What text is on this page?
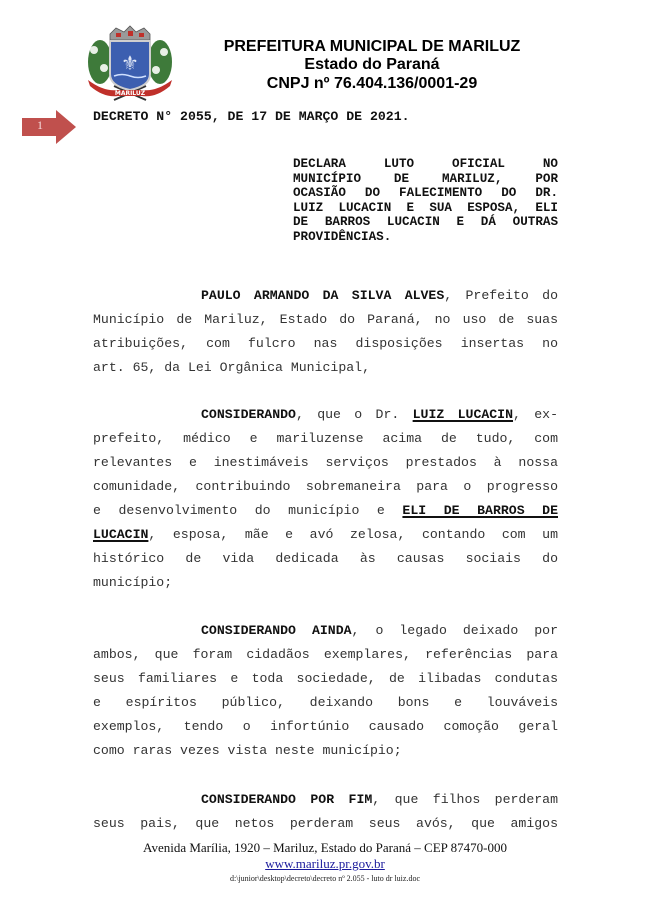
⚜
MARILUZ
PREFEITURA MUNICIPAL DE MARILUZ
Estado do Paraná
CNPJ nº 76.404.136/0001-29
1
DECRETO N° 2055, DE 17 DE MARÇO DE 2021.
DECLARA LUTO OFICIAL NO
MUNICÍPIO DE MARILUZ, POR
OCASIÃO DO FALECIMENTO DO DR.
LUIZ LUCACIN E SUA ESPOSA, ELI
DE BARROS LUCACIN E DÁ OUTRAS
PROVIDÊNCIAS.
PAULO ARMANDO DA SILVA ALVES, Prefeito do
Município de Mariluz, Estado do Paraná, no uso de suas
atribuições, com fulcro nas disposições insertas no
art. 65, da Lei Orgânica Municipal,
CONSIDERANDO, que o Dr. LUIZ LUCACIN, ex-
prefeito, médico e mariluzense acima de tudo, com
relevantes e inestimáveis serviços prestados à nossa
comunidade, contribuindo sobremaneira para o progresso
e desenvolvimento do município e ELI DE BARROS DE
LUCACIN, esposa, mãe e avó zelosa, contando com um
histórico de vida dedicada às causas sociais do
município;
CONSIDERANDO AINDA, o legado deixado por
ambos, que foram cidadãos exemplares, referências para
seus familiares e toda sociedade, de ilibadas condutas
e espíritos público, deixando bons e louváveis
exemplos, tendo o infortúnio causado comoção geral
como raras vezes vista neste município;
CONSIDERANDO POR FIM, que filhos perderam
seus pais, que netos perderam seus avós, que amigos
Avenida Marília, 1920 – Mariluz, Estado do Paraná – CEP 87470-000
www.mariluz.pr.gov.br
d:\junior\desktop\decreto\decreto nº 2.055 - luto dr luiz.doc
